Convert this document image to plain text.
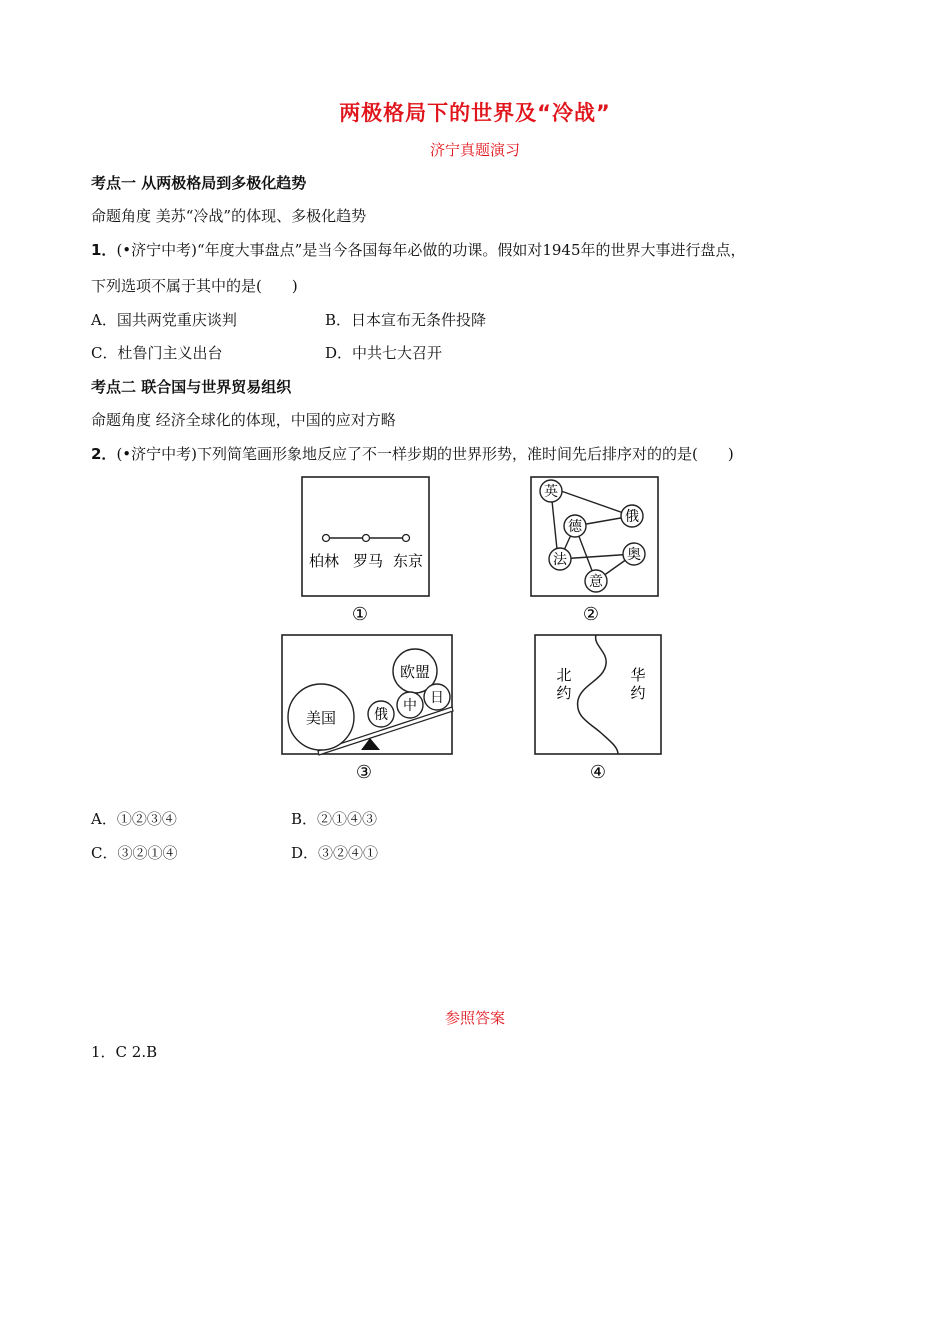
两极格局下的世界及“冷战”
济宁真题演习
考点一 从两极格局到多极化趋势
命题角度 美苏“冷战”的体现、多极化趋势
1．(•济宁中考)“年度大事盘点”是当今各国每年必做的功课。假如对1945年的世界大事进行盘点，
下列选项不属于其中的是(　　)
A．国共两党重庆谈判	B．日本宣布无条件投降
C．杜鲁门主义出台	D．中共七大召开
考点二 联合国与世界贸易组织
命题角度 经济全球化的体现，中国的应对方略
2．(•济宁中考)下列简笔画形象地反应了不一样步期的世界形势，准时间先后排序对的的是(　　)
柏林 罗马 东京
①
英
德
俄
法	奥
意
②
美国
欧盟
俄
中 日
③
北
约
华
约
④
A．①②③④	B．②①④③
C．③②①④	D．③②④①
参照答案
1．C 2.B
